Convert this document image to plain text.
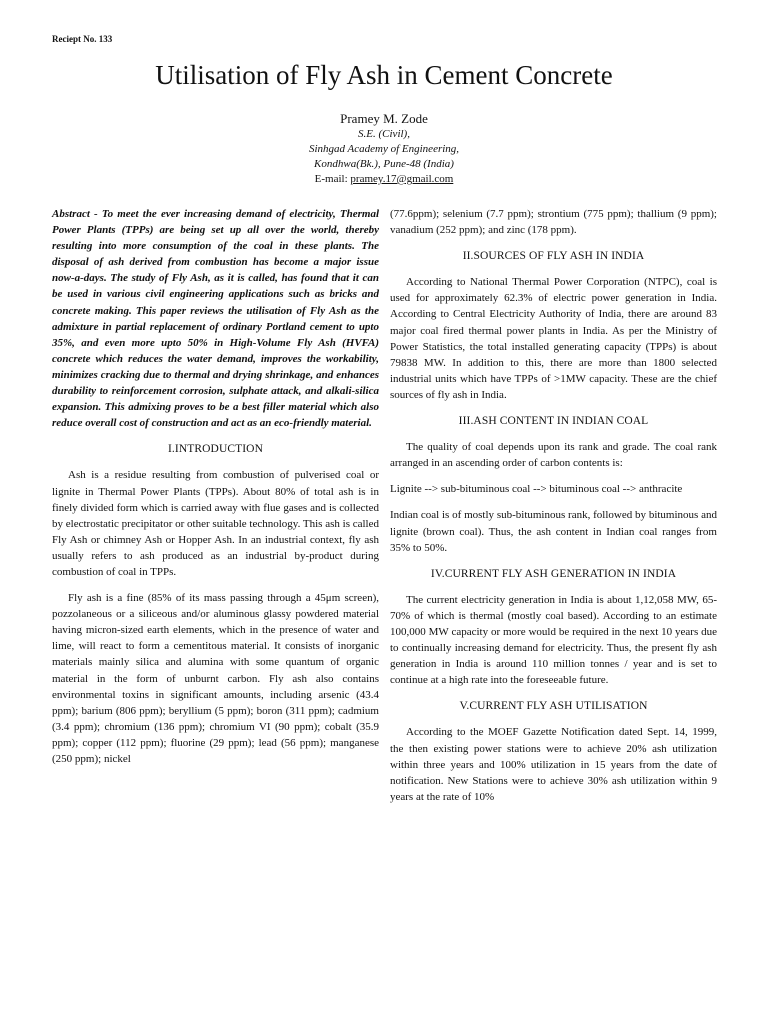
Reciept No. 133
Utilisation of Fly Ash in Cement Concrete
Pramey M. Zode
S.E. (Civil),
Sinhgad Academy of Engineering,
Kondhwa(Bk.), Pune-48 (India)
E-mail: pramey.17@gmail.com

Abstract - To meet the ever increasing demand of electricity, Thermal Power Plants (TPPs) are being set up all over the world, thereby resulting into more consumption of the coal in these plants. The disposal of ash derived from combustion has become a major issue now-a-days. The study of Fly Ash, as it is called, has found that it can be used in various civil engineering applications such as bricks and concrete making. This paper reviews the utilisation of Fly Ash as the admixture in partial replacement of ordinary Portland cement to upto 35%, and even more upto 50% in High-Volume Fly Ash (HVFA) concrete which reduces the water demand, improves the workability, minimizes cracking due to thermal and drying shrinkage, and enhances durability to reinforcement corrosion, sulphate attack, and alkali-silica expansion. This admixing proves to be a best filler material which also reduce overall cost of construction and act as an eco-friendly material.

I.INTRODUCTION

Ash is a residue resulting from combustion of pulverised coal or lignite in Thermal Power Plants (TPPs). About 80% of total ash is in finely divided form which is carried away with flue gases and is collected by electrostatic precipitator or other suitable technology. This ash is called Fly Ash or chimney Ash or Hopper Ash. In an industrial context, fly ash usually refers to ash produced as an industrial by-product during combustion of coal in TPPs.

Fly ash is a fine (85% of its mass passing through a 45μm screen), pozzolaneous or a siliceous and/or aluminous glassy powdered material having micron-sized earth elements, which in the presence of water and lime, will react to form a cementitous material. It consists of inorganic materials mainly silica and alumina with some quantum of organic material in the form of unburnt carbon. Fly ash also contains environmental toxins in significant amounts, including arsenic (43.4 ppm); barium (806 ppm); beryllium (5 ppm); boron (311 ppm); cadmium (3.4 ppm); chromium (136 ppm); chromium VI (90 ppm); cobalt (35.9 ppm); copper (112 ppm); fluorine (29 ppm); lead (56 ppm); manganese (250 ppm); nickel

(77.6ppm); selenium (7.7 ppm); strontium (775 ppm); thallium (9 ppm); vanadium (252 ppm); and zinc (178 ppm).

II.SOURCES OF FLY ASH IN INDIA

According to National Thermal Power Corporation (NTPC), coal is used for approximately 62.3% of electric power generation in India. According to Central Electricity Authority of India, there are around 83 major coal fired thermal power plants in India. As per the Ministry of Power Statistics, the total installed generating capacity (TPPs) is about 79838 MW. In addition to this, there are more than 1800 selected industrial units which have TPPs of >1MW capacity. These are the chief sources of fly ash in India.

III.ASH CONTENT IN INDIAN COAL

The quality of coal depends upon its rank and grade. The coal rank arranged in an ascending order of carbon contents is:

Lignite --> sub-bituminous coal --> bituminous coal --> anthracite

Indian coal is of mostly sub-bituminous rank, followed by bituminous and lignite (brown coal). Thus, the ash content in Indian coal ranges from 35% to 50%.

IV.CURRENT FLY ASH GENERATION IN INDIA

The current electricity generation in India is about 1,12,058 MW, 65-70% of which is thermal (mostly coal based). According to an estimate 100,000 MW capacity or more would be required in the next 10 years due to continually increasing demand for electricity. Thus, the present fly ash generation in India is around 110 million tonnes / year and is set to continue at a high rate into the foreseeable future.

V.CURRENT FLY ASH UTILISATION

According to the MOEF Gazette Notification dated Sept. 14, 1999, the then existing power stations were to achieve 20% ash utilization within three years and 100% utilization in 15 years from the date of notification. New Stations were to achieve 30% ash utilization within 9 years at the rate of 10%
